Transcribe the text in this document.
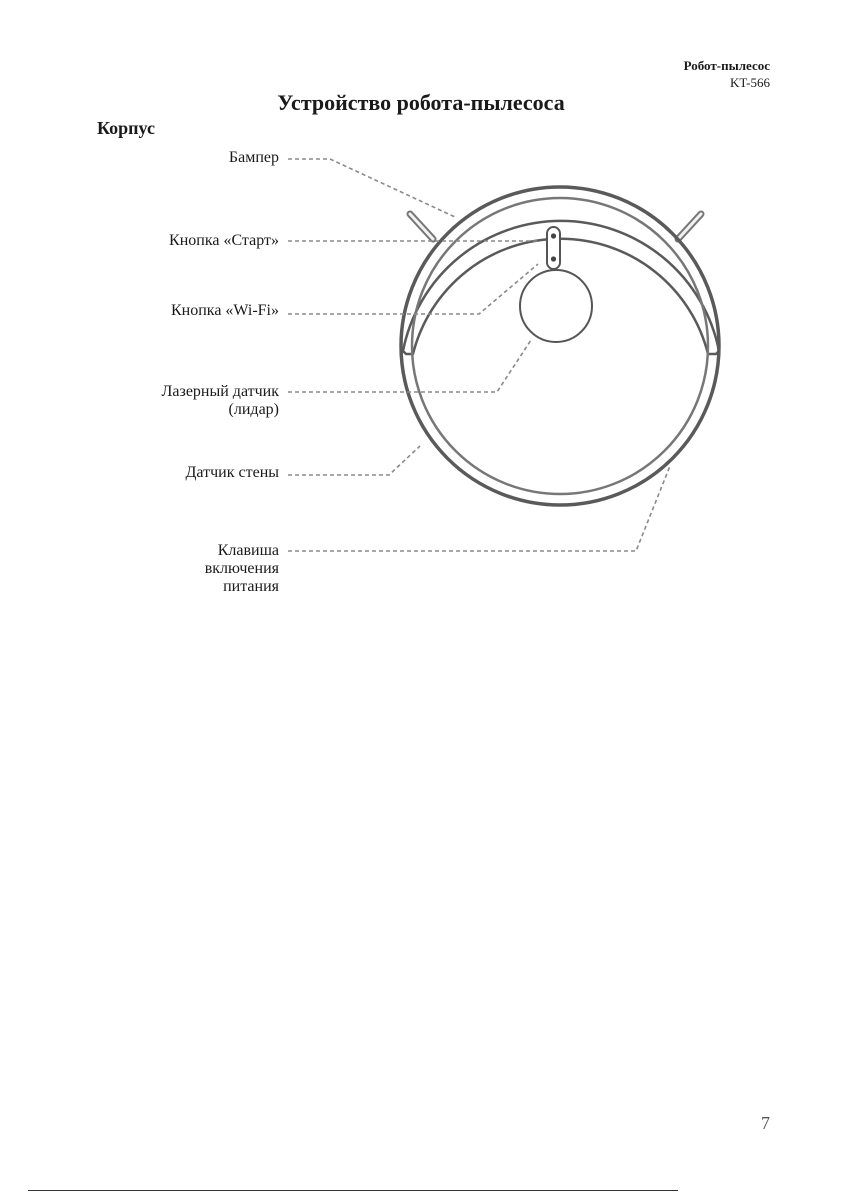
Робот-пылесос
KT-566
Устройство робота-пылесоса
Корпус
Бампер
Кнопка «Старт»
Кнопка «Wi-Fi»
Лазерный датчик
(лидар)
Датчик стены
Клавиша
включения
питания
7
